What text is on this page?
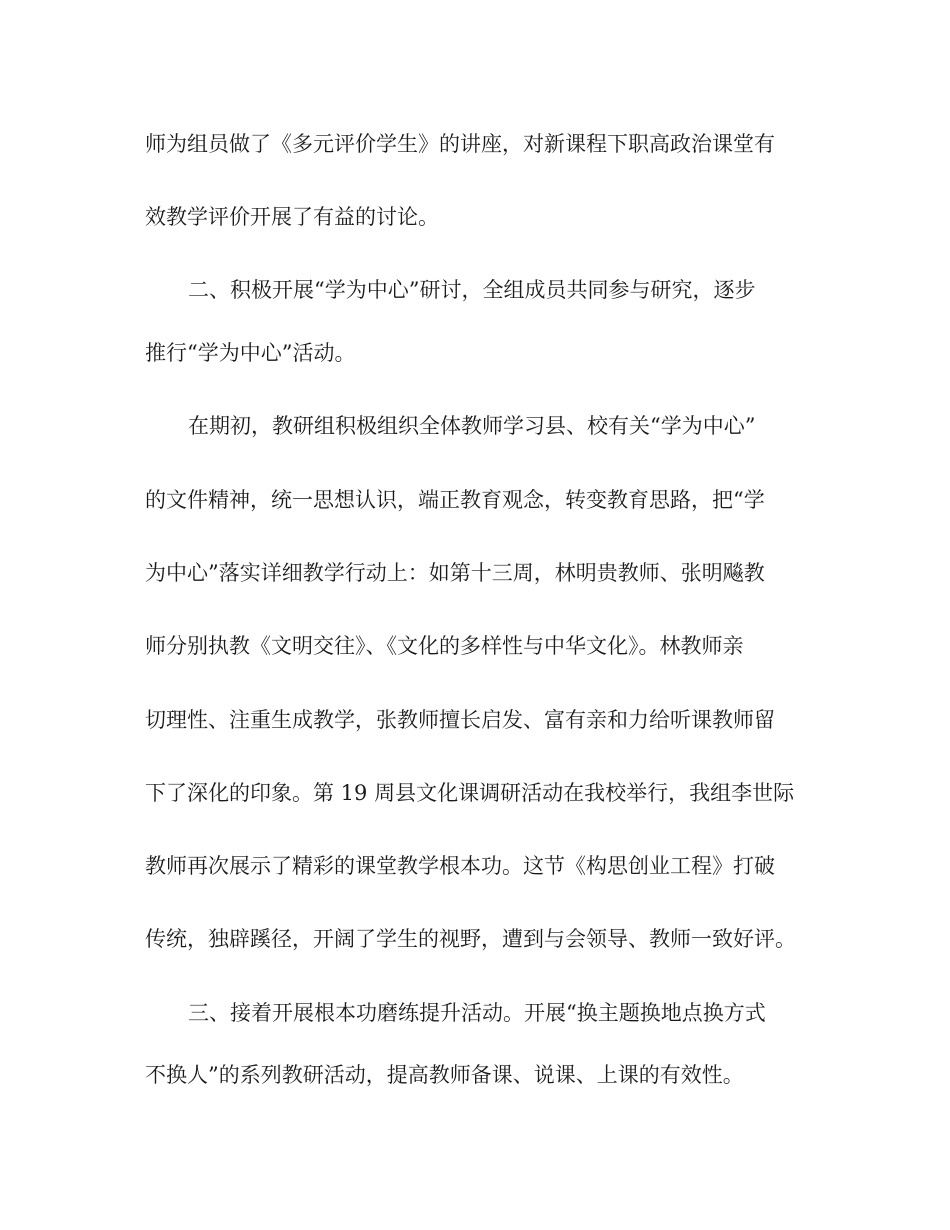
师为组员做了《多元评价学生》的讲座，对新课程下职高政治课堂有
效教学评价开展了有益的讨论。
二、积极开展“学为中心”研讨，全组成员共同参与研究，逐步
推行“学为中心”活动。
在期初，教研组积极组织全体教师学习县、校有关“学为中心”
的文件精神，统一思想认识，端正教育观念，转变教育思路，把“学
为中心”落实详细教学行动上：如第十三周，林明贵教师、张明飚教
师分别执教《文明交往》、《文化的多样性与中华文化》。林教师亲
切理性、注重生成教学，张教师擅长启发、富有亲和力给听课教师留
下了深化的印象。第 19 周县文化课调研活动在我校举行，我组李世际
教师再次展示了精彩的课堂教学根本功。这节《构思创业工程》打破
传统，独辟蹊径，开阔了学生的视野，遭到与会领导、教师一致好评。
三、接着开展根本功磨练提升活动。开展“换主题换地点换方式
不换人”的系列教研活动，提高教师备课、说课、上课的有效性。
